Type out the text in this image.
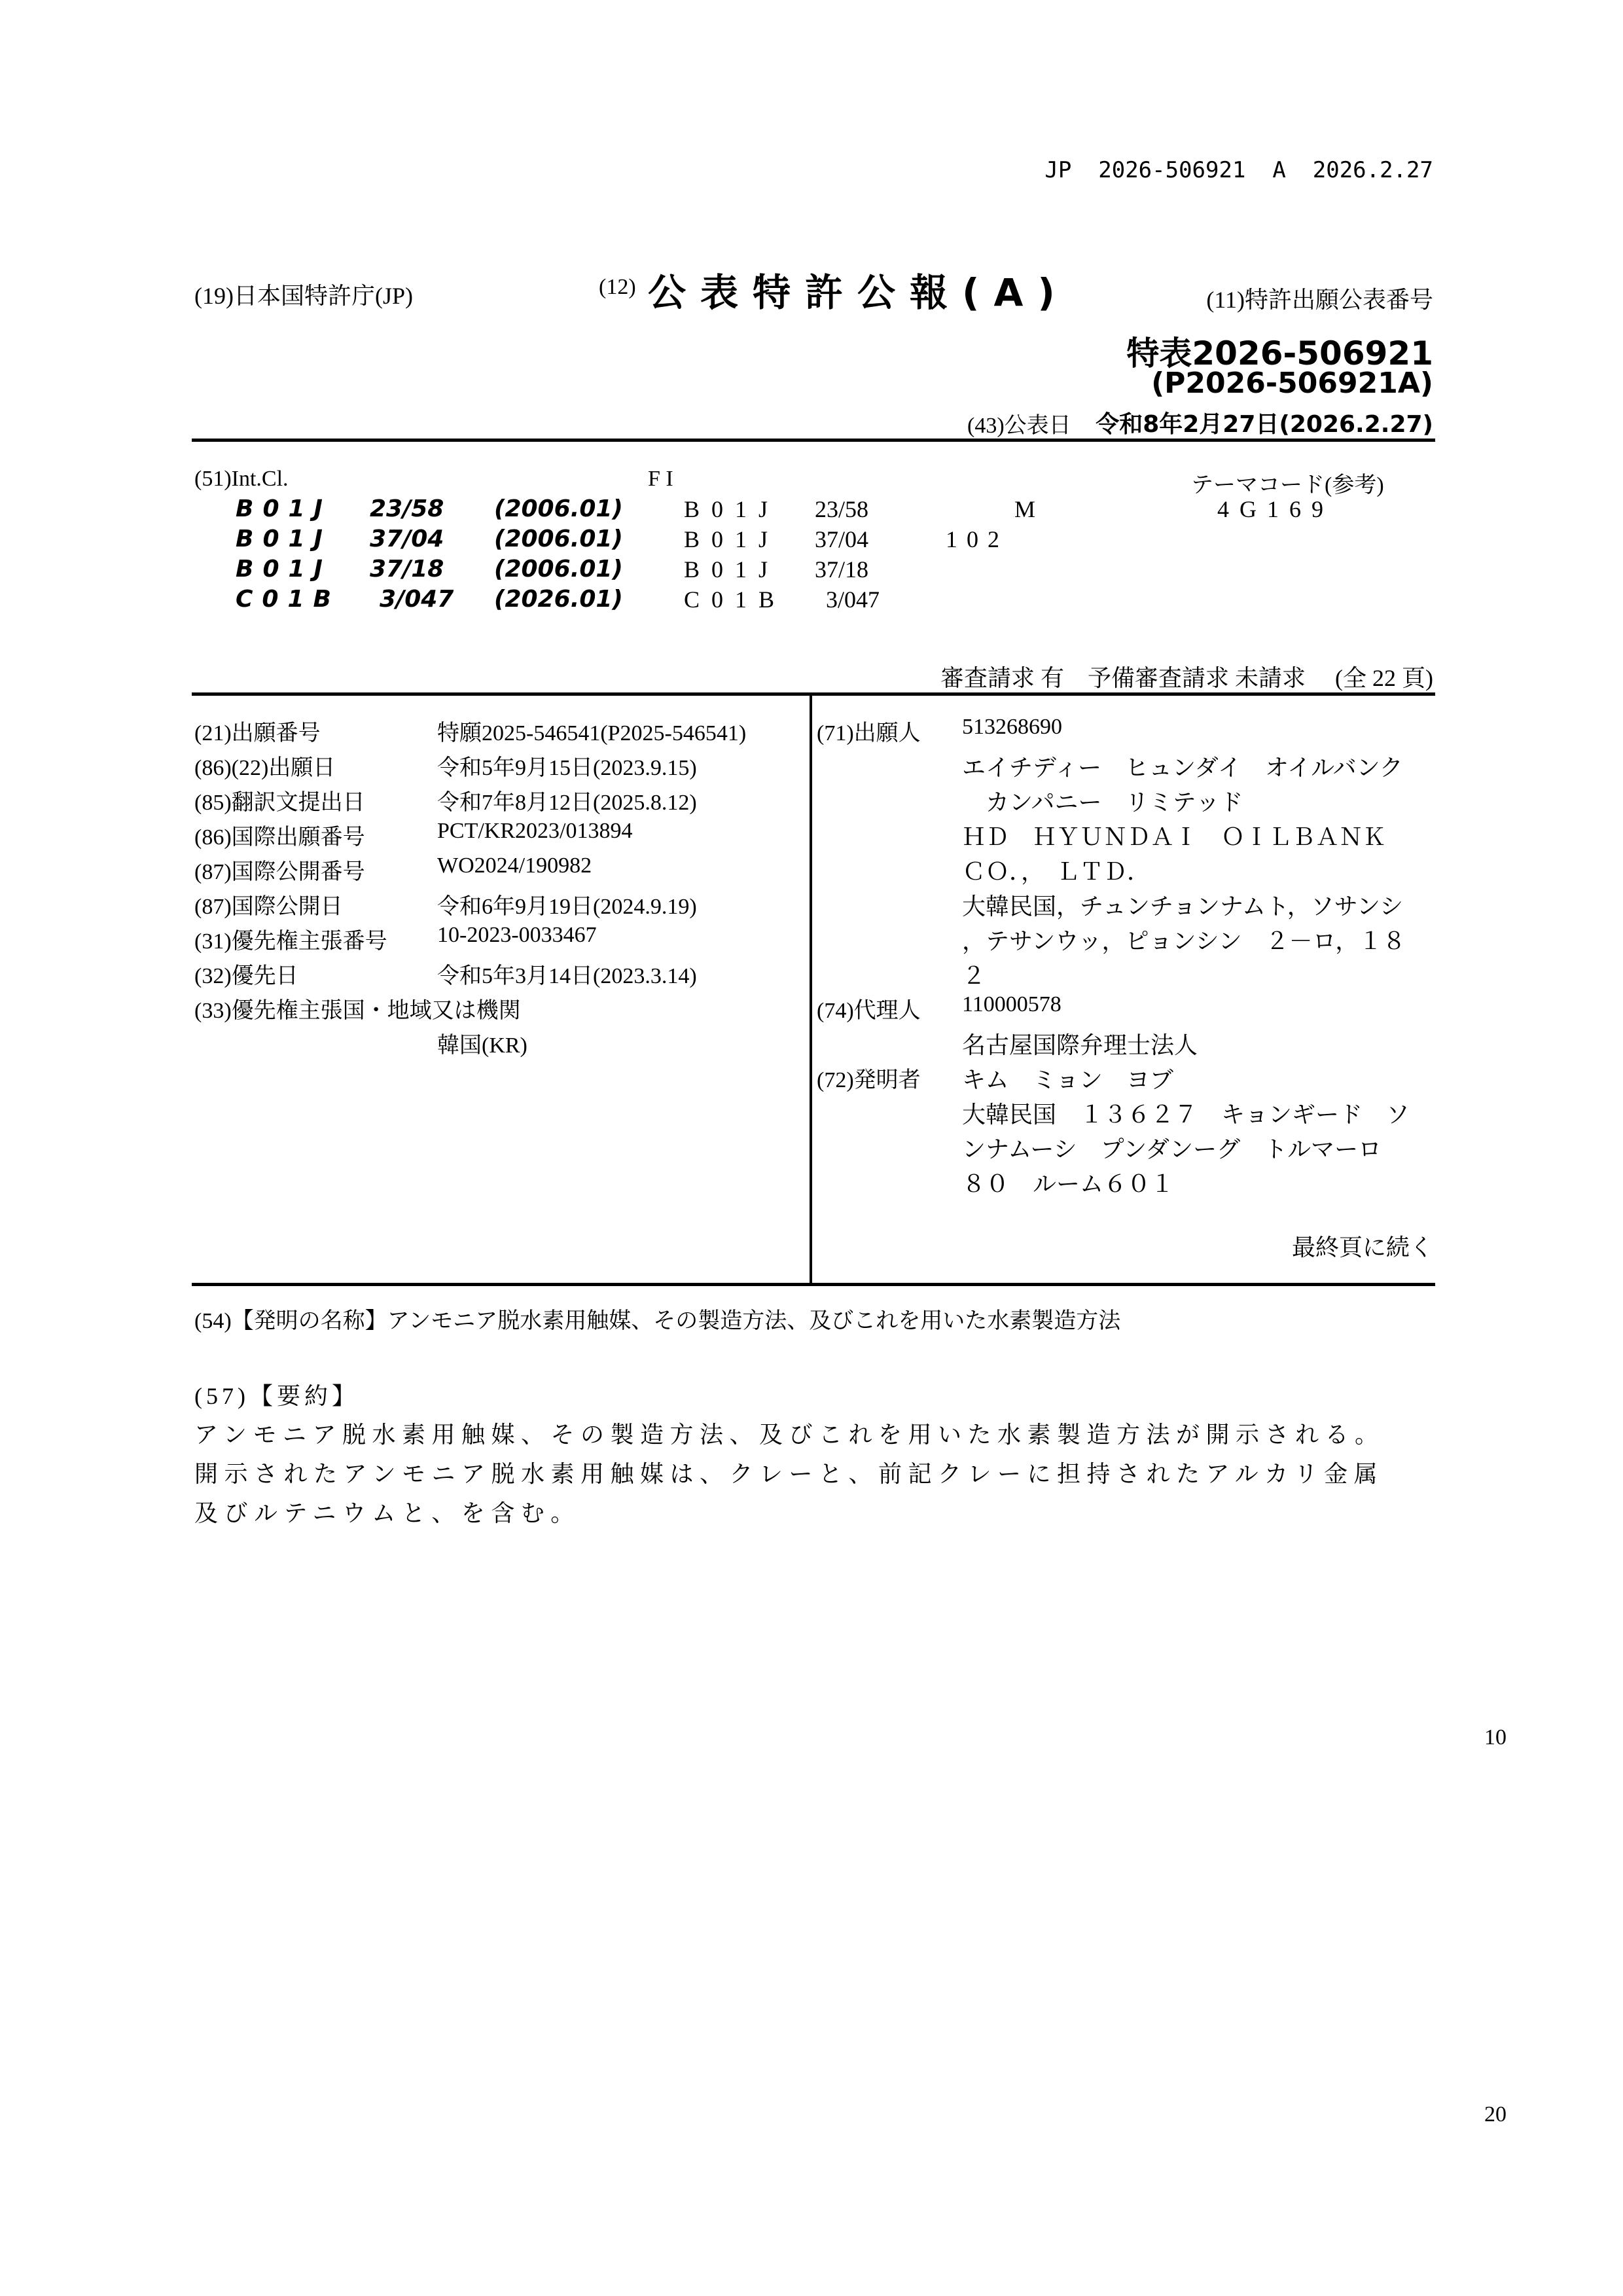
JP  2026-506921  A  2026.2.27
(19)日本国特許庁(JP)	(12) 公表特許公報(A)	(11)特許出願公表番号
特表2026-506921
(P2026-506921A)
(43)公表日 令和8年2月27日(2026.2.27)
(51)Int.Cl.	F I	テーマコード(参考)
B01J 23/58 (2006.01)	B01J 23/58	M	4G169
B01J 37/04 (2006.01)	B01J 37/04	102
B01J 37/18 (2006.01)	B01J 37/18
C01B 3/047 (2026.01)	C01B 3/047
審査請求 有　予備審査請求 未請求　 (全 22 頁)
(21)出願番号	特願2025-546541(P2025-546541)
(86)(22)出願日	令和5年9月15日(2023.9.15)
(85)翻訳文提出日	令和7年8月12日(2025.8.12)
(86)国際出願番号	PCT/KR2023/013894
(87)国際公開番号	WO2024/190982
(87)国際公開日	令和6年9月19日(2024.9.19)
(31)優先権主張番号 10-2023-0033467
(32)優先日	令和5年3月14日(2023.3.14)
(33)優先権主張国・地域又は機関
韓国(KR)
(71)出願人 513268690
エイチディー　ヒュンダイ　オイルバンク
　カンパニー　リミテッド
ＨＤ　ＨＹＵＮＤＡＩ　ＯＩＬＢＡＮＫ
ＣＯ．，　ＬＴＤ．
大韓民国，チュンチョンナムト，ソサンシ
，テサンウッ，ピョンシン　２－ロ，１８
２
(74)代理人 110000578
名古屋国際弁理士法人
(72)発明者 キム　ミョン　ヨブ
大韓民国　１３６２７　キョンギード　ソ
ンナムーシ　プンダンーグ　トルマーロ
８０　ルーム６０１
最終頁に続く
(54)【発明の名称】アンモニア脱水素用触媒、その製造方法、及びこれを用いた水素製造方法
(57)【要約】
アンモニア脱水素用触媒、その製造方法、及びこれを用いた水素製造方法が開示される。
開示されたアンモニア脱水素用触媒は、クレーと、前記クレーに担持されたアルカリ金属
及びルテニウムと、を含む。
10
20
